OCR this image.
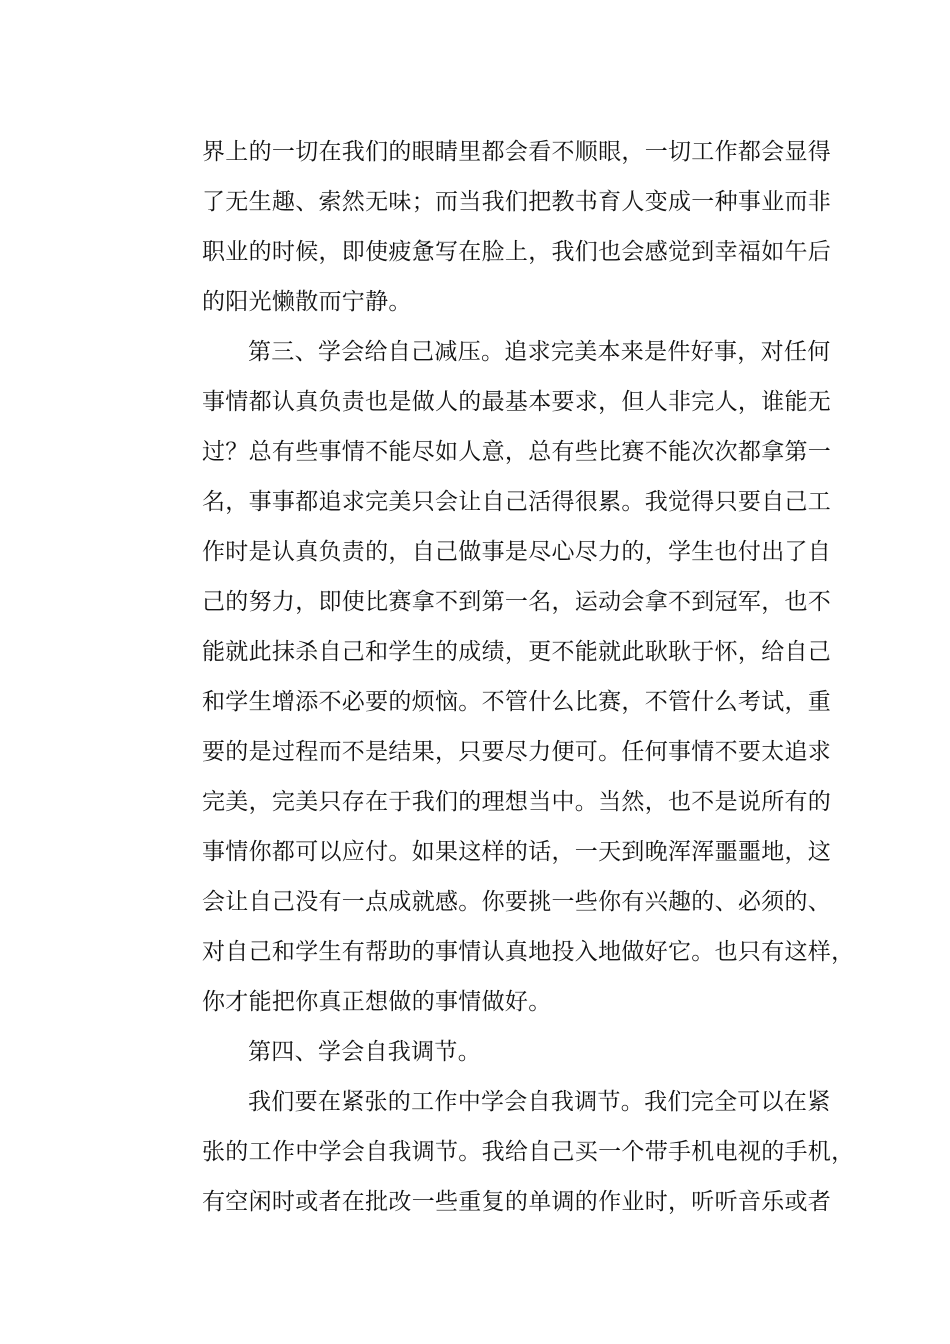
界上的一切在我们的眼睛里都会看不顺眼，一切工作都会显得
了无生趣、索然无味；而当我们把教书育人变成一种事业而非
职业的时候，即使疲惫写在脸上，我们也会感觉到幸福如午后
的阳光懒散而宁静。
第三、学会给自己减压。追求完美本来是件好事，对任何
事情都认真负责也是做人的最基本要求，但人非完人，谁能无
过？总有些事情不能尽如人意，总有些比赛不能次次都拿第一
名，事事都追求完美只会让自己活得很累。我觉得只要自己工
作时是认真负责的，自己做事是尽心尽力的，学生也付出了自
己的努力，即使比赛拿不到第一名，运动会拿不到冠军，也不
能就此抹杀自己和学生的成绩，更不能就此耿耿于怀，给自己
和学生增添不必要的烦恼。不管什么比赛，不管什么考试，重
要的是过程而不是结果，只要尽力便可。任何事情不要太追求
完美，完美只存在于我们的理想当中。当然，也不是说所有的
事情你都可以应付。如果这样的话，一天到晚浑浑噩噩地，这
会让自己没有一点成就感。你要挑一些你有兴趣的、必须的、
对自己和学生有帮助的事情认真地投入地做好它。也只有这样，
你才能把你真正想做的事情做好。
第四、学会自我调节。
我们要在紧张的工作中学会自我调节。我们完全可以在紧
张的工作中学会自我调节。我给自己买一个带手机电视的手机，
有空闲时或者在批改一些重复的单调的作业时，听听音乐或者
